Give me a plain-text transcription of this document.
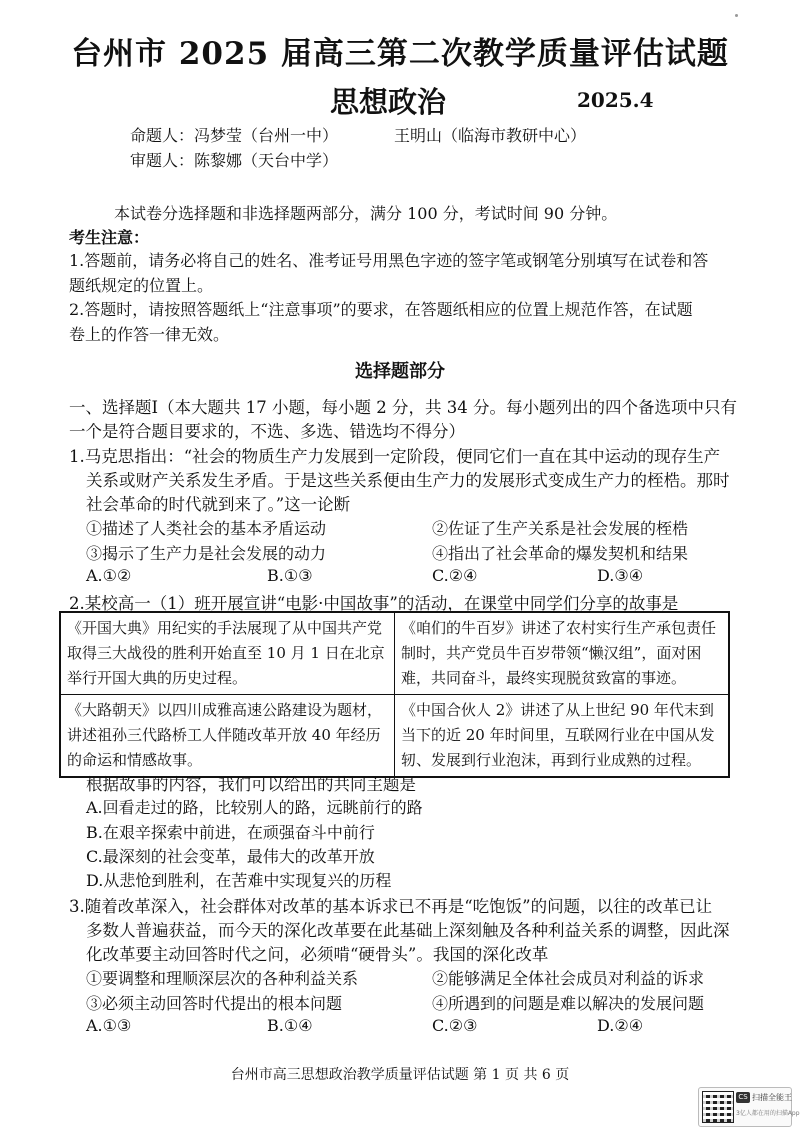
台州市 2025 届高三第二次教学质量评估试题
思想政治	2025.4
命题人：冯梦莹（台州一中）	王明山（临海市教研中心）
审题人：陈黎娜（天台中学）
本试卷分选择题和非选择题两部分，满分 100 分，考试时间 90 分钟。
考生注意：
1.答题前，请务必将自己的姓名、准考证号用黑色字迹的签字笔或钢笔分别填写在试卷和答
题纸规定的位置上。
2.答题时，请按照答题纸上“注意事项”的要求，在答题纸相应的位置上规范作答，在试题
卷上的作答一律无效。
选择题部分
一、选择题Ⅰ（本大题共 17 小题，每小题 2 分，共 34 分。每小题列出的四个备选项中只有
一个是符合题目要求的，不选、多选、错选均不得分）
1.马克思指出：“社会的物质生产力发展到一定阶段，便同它们一直在其中运动的现存生产
关系或财产关系发生矛盾。于是这些关系便由生产力的发展形式变成生产力的桎梏。那时
社会革命的时代就到来了。”这一论断
①描述了人类社会的基本矛盾运动	②佐证了生产关系是社会发展的桎梏
③揭示了生产力是社会发展的动力	④指出了社会革命的爆发契机和结果
A.①②	B.①③	C.②④	D.③④
2.某校高一（1）班开展宣讲“电影·中国故事”的活动，在课堂中同学们分享的故事是
《开国大典》用纪实的手法展现了从中国共产党取得三大战役的胜利开始直至 10 月 1 日在北京举行开国大典的历史过程。	《咱们的牛百岁》讲述了农村实行生产承包责任制时，共产党员牛百岁带领“懒汉组”，面对困难，共同奋斗，最终实现脱贫致富的事迹。
《大路朝天》以四川成雅高速公路建设为题材，讲述祖孙三代路桥工人伴随改革开放 40 年经历的命运和情感故事。	《中国合伙人 2》讲述了从上世纪 90 年代末到当下的近 20 年时间里，互联网行业在中国从发轫、发展到行业泡沫，再到行业成熟的过程。
根据故事的内容，我们可以给出的共同主题是
A.回看走过的路，比较别人的路，远眺前行的路
B.在艰辛探索中前进，在顽强奋斗中前行
C.最深刻的社会变革，最伟大的改革开放
D.从悲怆到胜利，在苦难中实现复兴的历程
3.随着改革深入，社会群体对改革的基本诉求已不再是“吃饱饭”的问题，以往的改革已让
多数人普遍获益，而今天的深化改革要在此基础上深刻触及各种利益关系的调整，因此深
化改革要主动回答时代之问，必须啃“硬骨头”。我国的深化改革
①要调整和理顺深层次的各种利益关系	②能够满足全体社会成员对利益的诉求
③必须主动回答时代提出的根本问题	④所遇到的问题是难以解决的发展问题
A.①③	B.①④	C.②③	D.②④
台州市高三思想政治教学质量评估试题 第 1 页 共 6 页
CS 扫描全能王
3亿人都在用的扫描App
